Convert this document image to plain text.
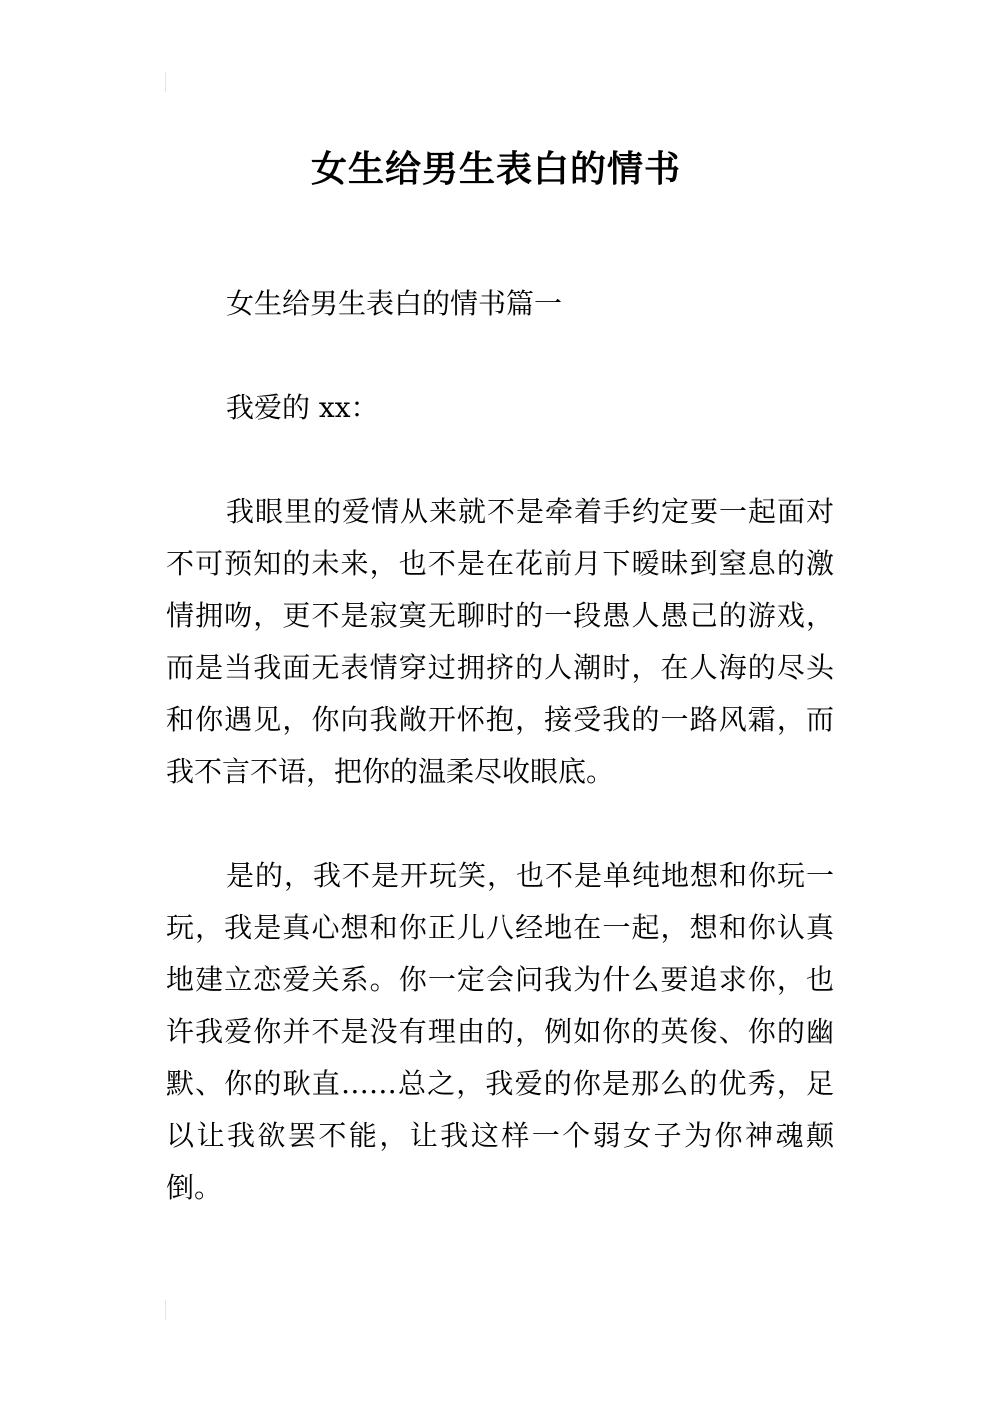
女生给男生表白的情书

女生给男生表白的情书篇一

我爱的 xx：

我眼里的爱情从来就不是牵着手约定要一起面对不可预知的未来，也不是在花前月下暧昧到窒息的激情拥吻，更不是寂寞无聊时的一段愚人愚己的游戏，而是当我面无表情穿过拥挤的人潮时，在人海的尽头和你遇见，你向我敞开怀抱，接受我的一路风霜，而我不言不语，把你的温柔尽收眼底。

是的，我不是开玩笑，也不是单纯地想和你玩一玩，我是真心想和你正儿八经地在一起，想和你认真地建立恋爱关系。你一定会问我为什么要追求你，也许我爱你并不是没有理由的，例如你的英俊、你的幽默、你的耿直……总之，我爱的你是那么的优秀，足以让我欲罢不能，让我这样一个弱女子为你神魂颠倒。
